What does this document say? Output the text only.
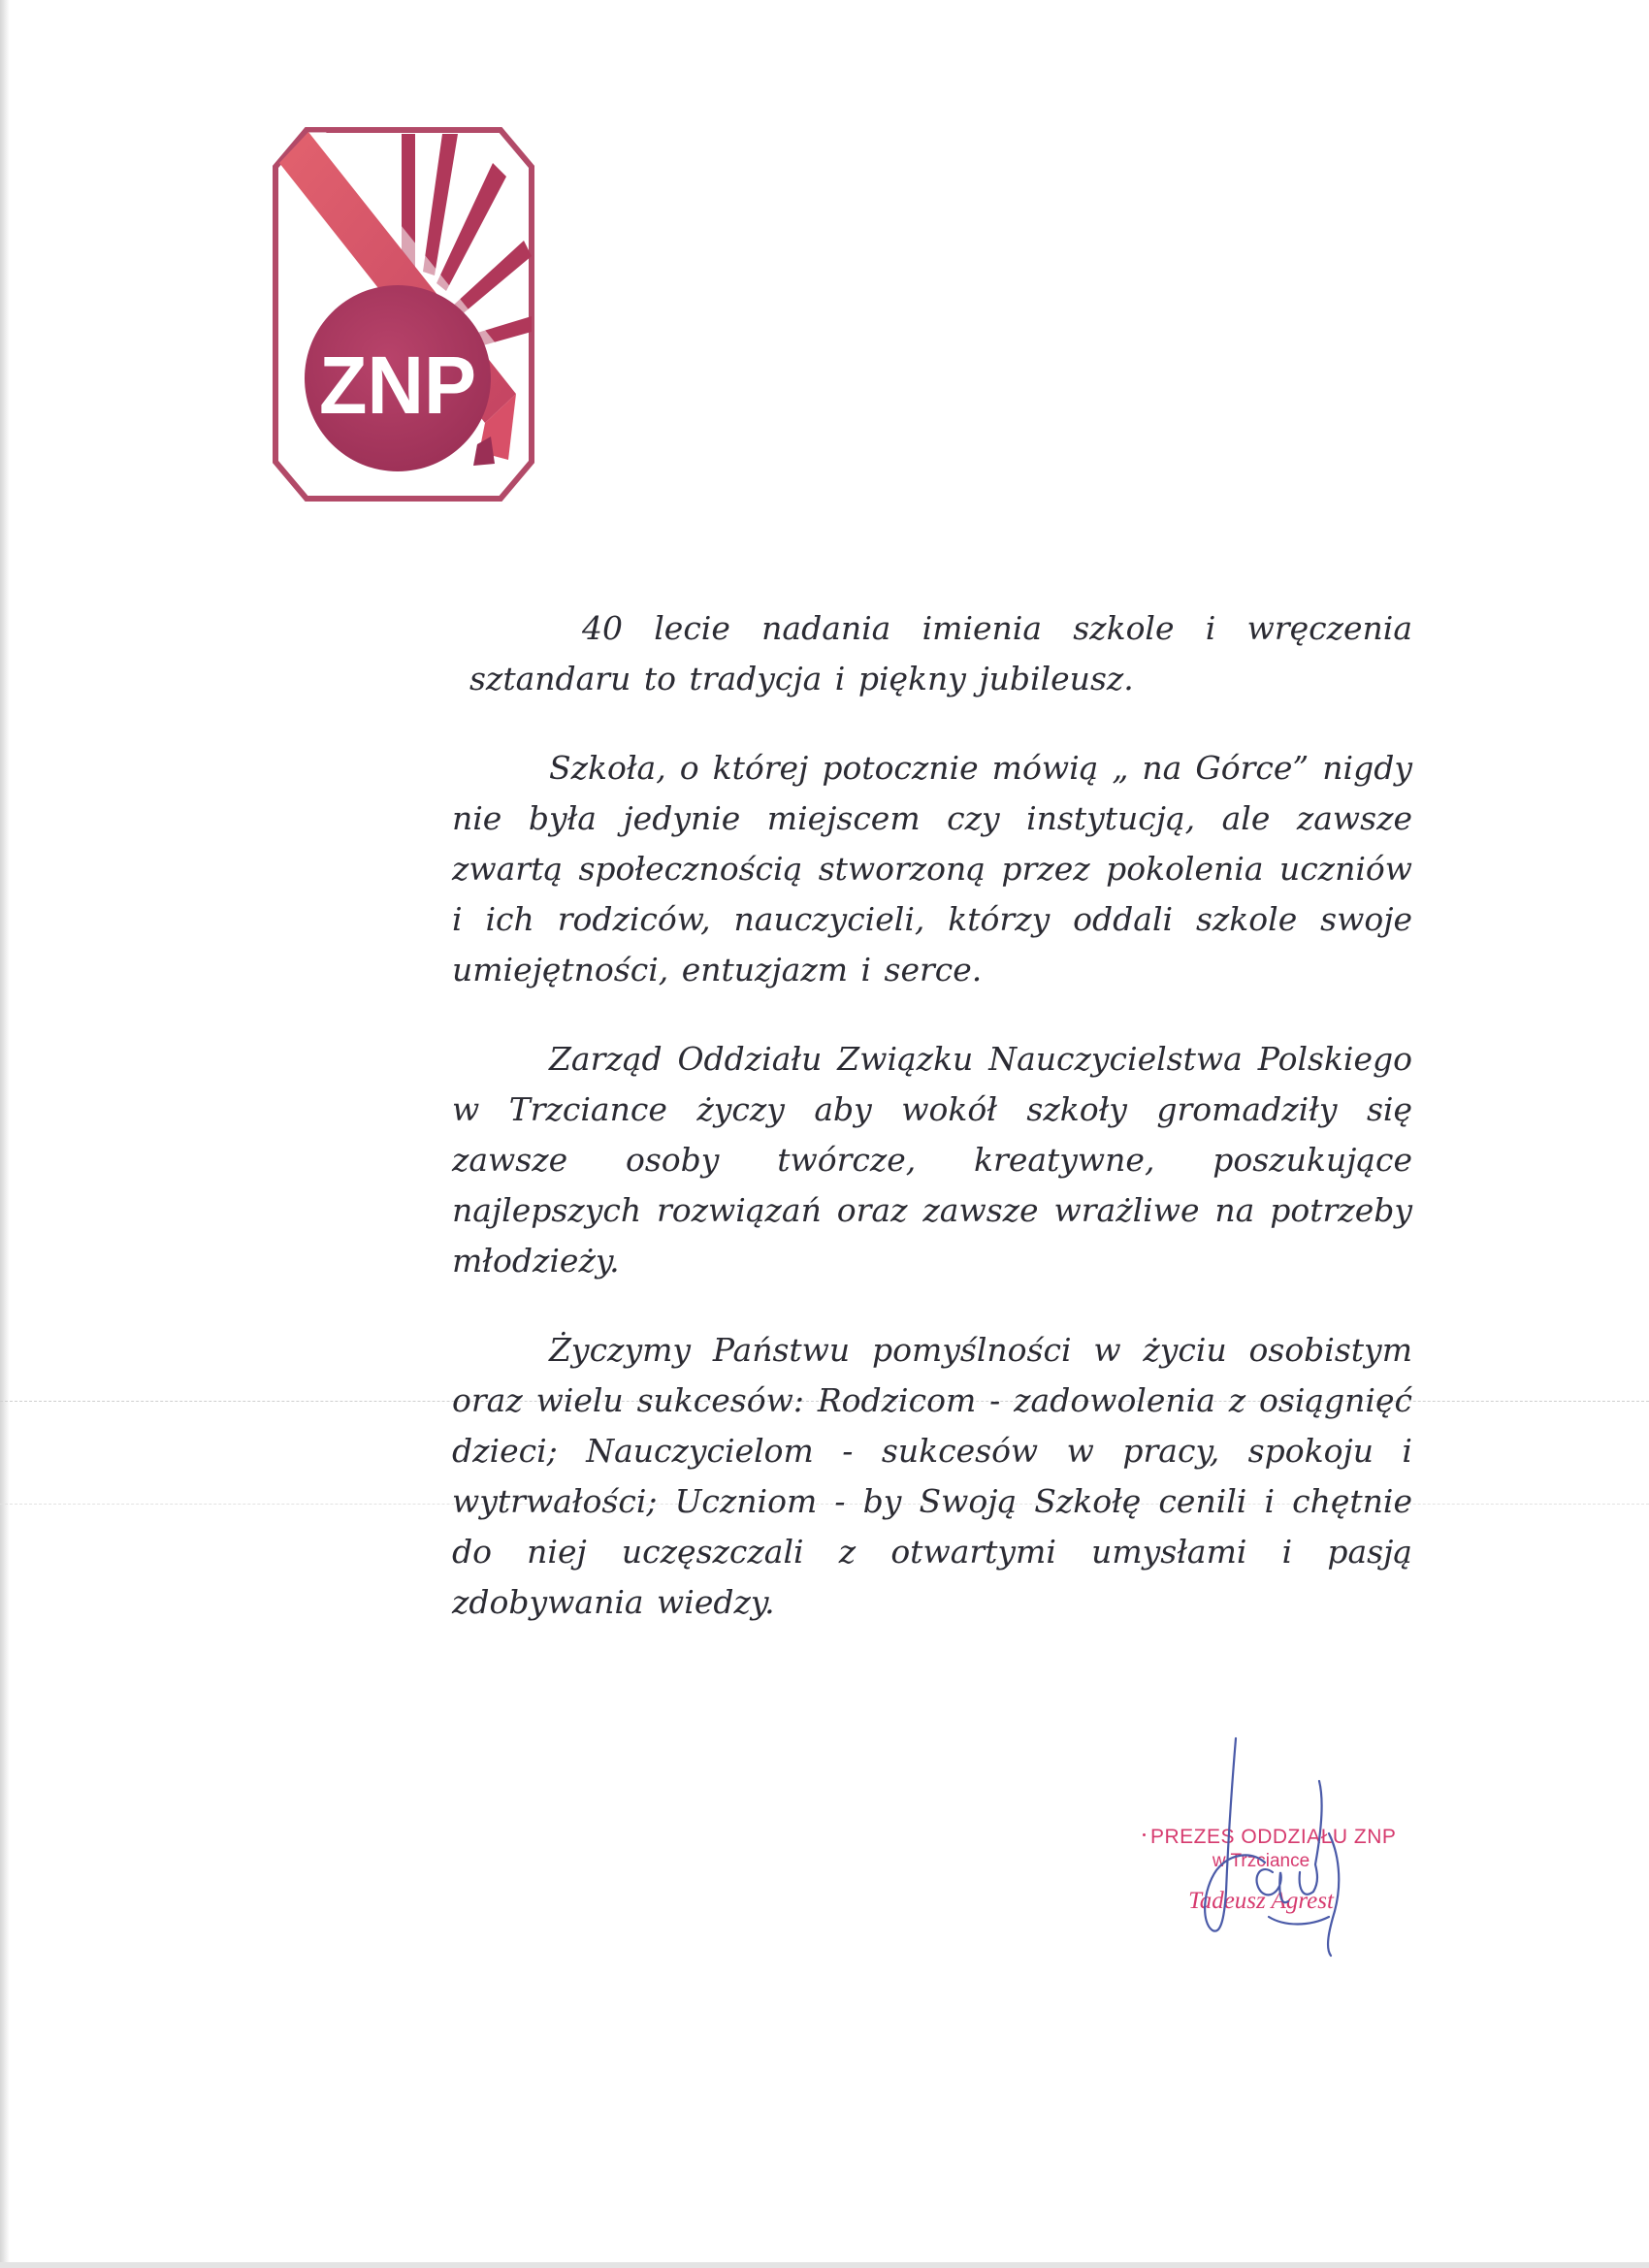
ZNP

40 lecie nadania imienia szkole i wręczenia sztandaru to tradycja i piękny jubileusz.

Szkoła, o której potocznie mówią „ na Górce” nigdy nie była jedynie miejscem czy instytucją, ale zawsze zwartą społecznością stworzoną przez pokolenia uczniów i ich rodziców, nauczycieli, którzy oddali szkole swoje umiejętności, entuzjazm i serce.

Zarząd Oddziału Związku Nauczycielstwa Polskiego w Trzciance życzy aby wokół szkoły gromadziły się zawsze osoby twórcze, kreatywne, poszukujące najlepszych rozwiązań oraz zawsze wrażliwe na potrzeby młodzieży.

Życzymy Państwu pomyślności w życiu osobistym oraz wielu sukcesów: Rodzicom - zadowolenia z osiągnięć dzieci; Nauczycielom - sukcesów w pracy, spokoju i wytrwałości; Uczniom - by Swoją Szkołę cenili i chętnie do niej uczęszczali z otwartymi umysłami i pasją zdobywania wiedzy.

PREZES ODDZIAŁU ZNP
w Trzciance
Tadeusz Agrest
